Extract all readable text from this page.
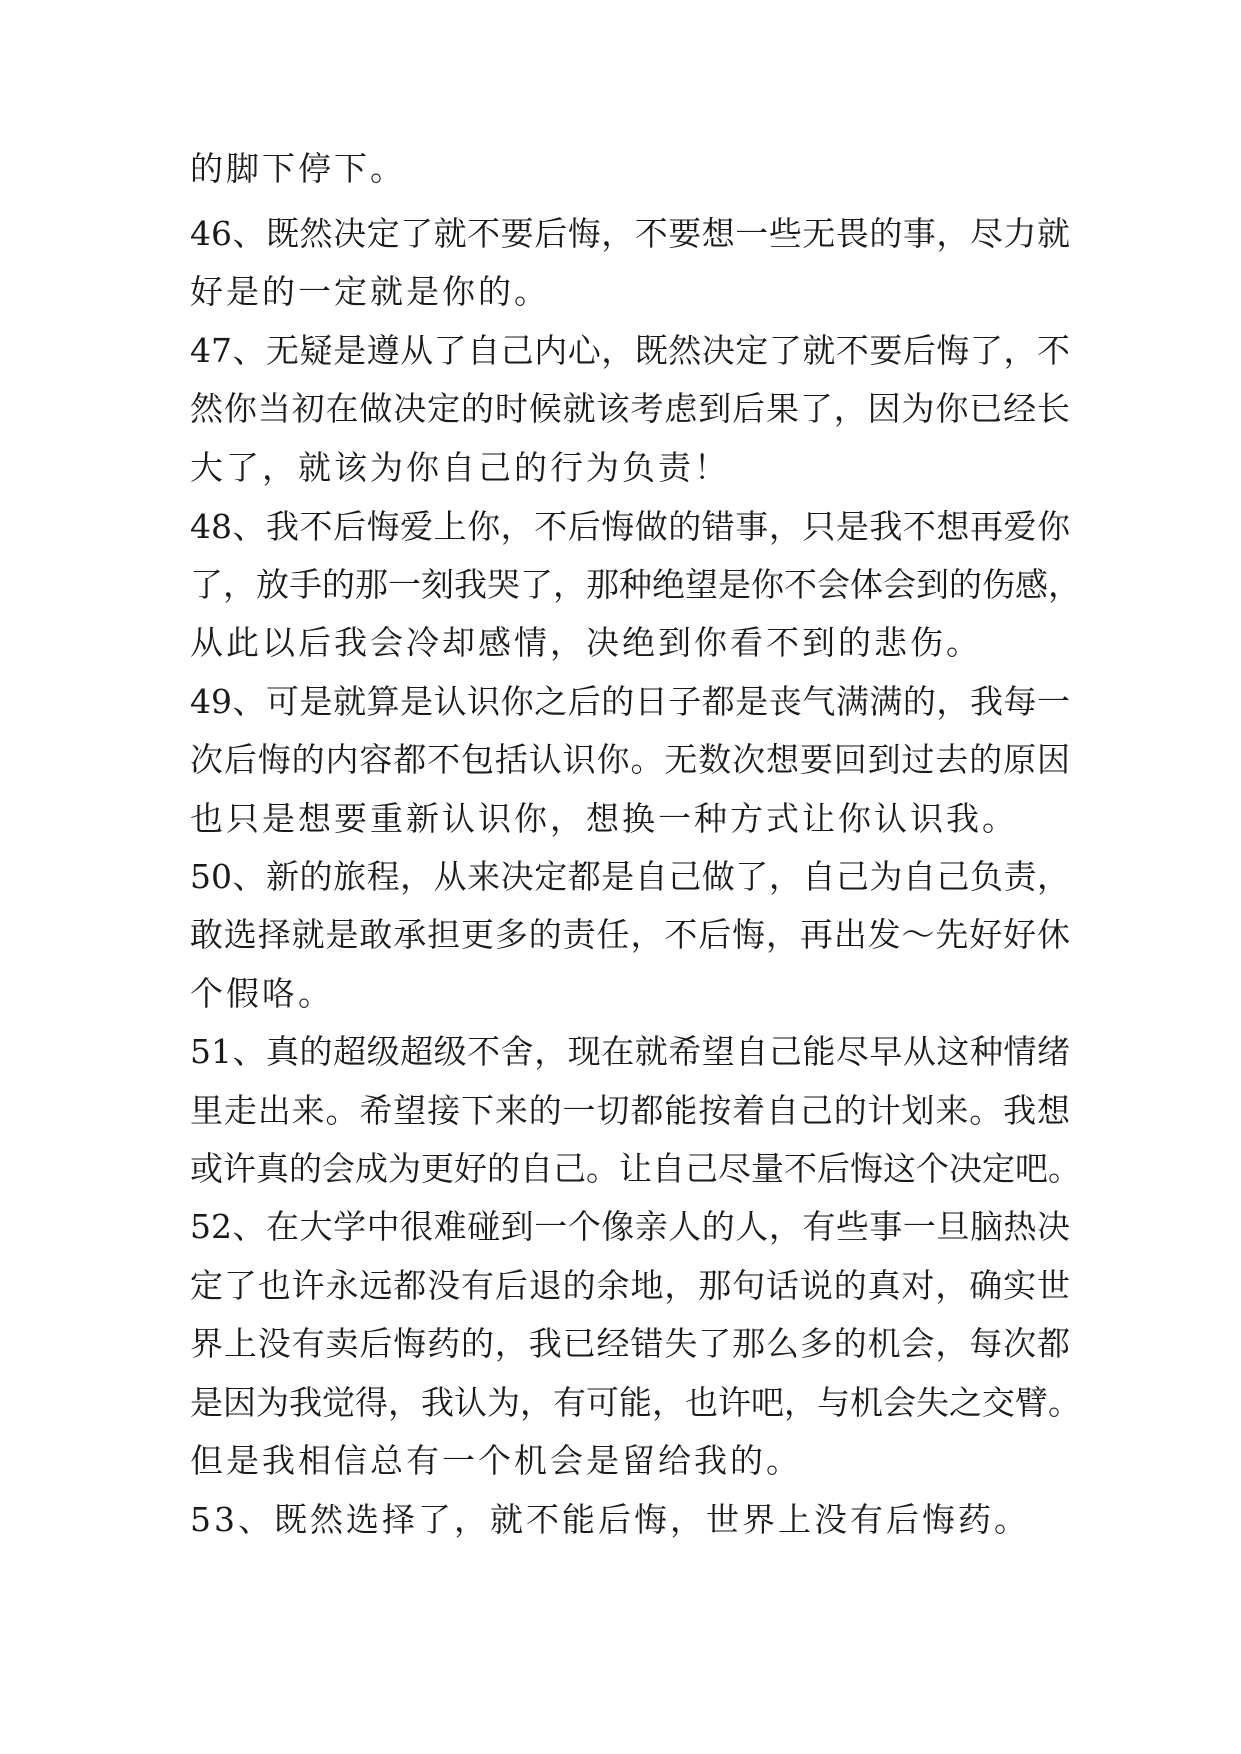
的脚下停下。
46、既然决定了就不要后悔，不要想一些无畏的事，尽力就
好是的一定就是你的。
47、无疑是遵从了自己内心，既然决定了就不要后悔了，不
然你当初在做决定的时候就该考虑到后果了，因为你已经长
大了，就该为你自己的行为负责！
48、我不后悔爱上你，不后悔做的错事，只是我不想再爱你
了，放手的那一刻我哭了，那种绝望是你不会体会到的伤感，
从此以后我会冷却感情，决绝到你看不到的悲伤。
49、可是就算是认识你之后的日子都是丧气满满的，我每一
次后悔的内容都不包括认识你。无数次想要回到过去的原因
也只是想要重新认识你，想换一种方式让你认识我。
50、新的旅程，从来决定都是自己做了，自己为自己负责，
敢选择就是敢承担更多的责任，不后悔，再出发～先好好休
个假咯。
51、真的超级超级不舍，现在就希望自己能尽早从这种情绪
里走出来。希望接下来的一切都能按着自己的计划来。我想
或许真的会成为更好的自己。让自己尽量不后悔这个决定吧。
52、在大学中很难碰到一个像亲人的人，有些事一旦脑热决
定了也许永远都没有后退的余地，那句话说的真对，确实世
界上没有卖后悔药的，我已经错失了那么多的机会，每次都
是因为我觉得，我认为，有可能，也许吧，与机会失之交臂。
但是我相信总有一个机会是留给我的。
53、既然选择了，就不能后悔，世界上没有后悔药。
